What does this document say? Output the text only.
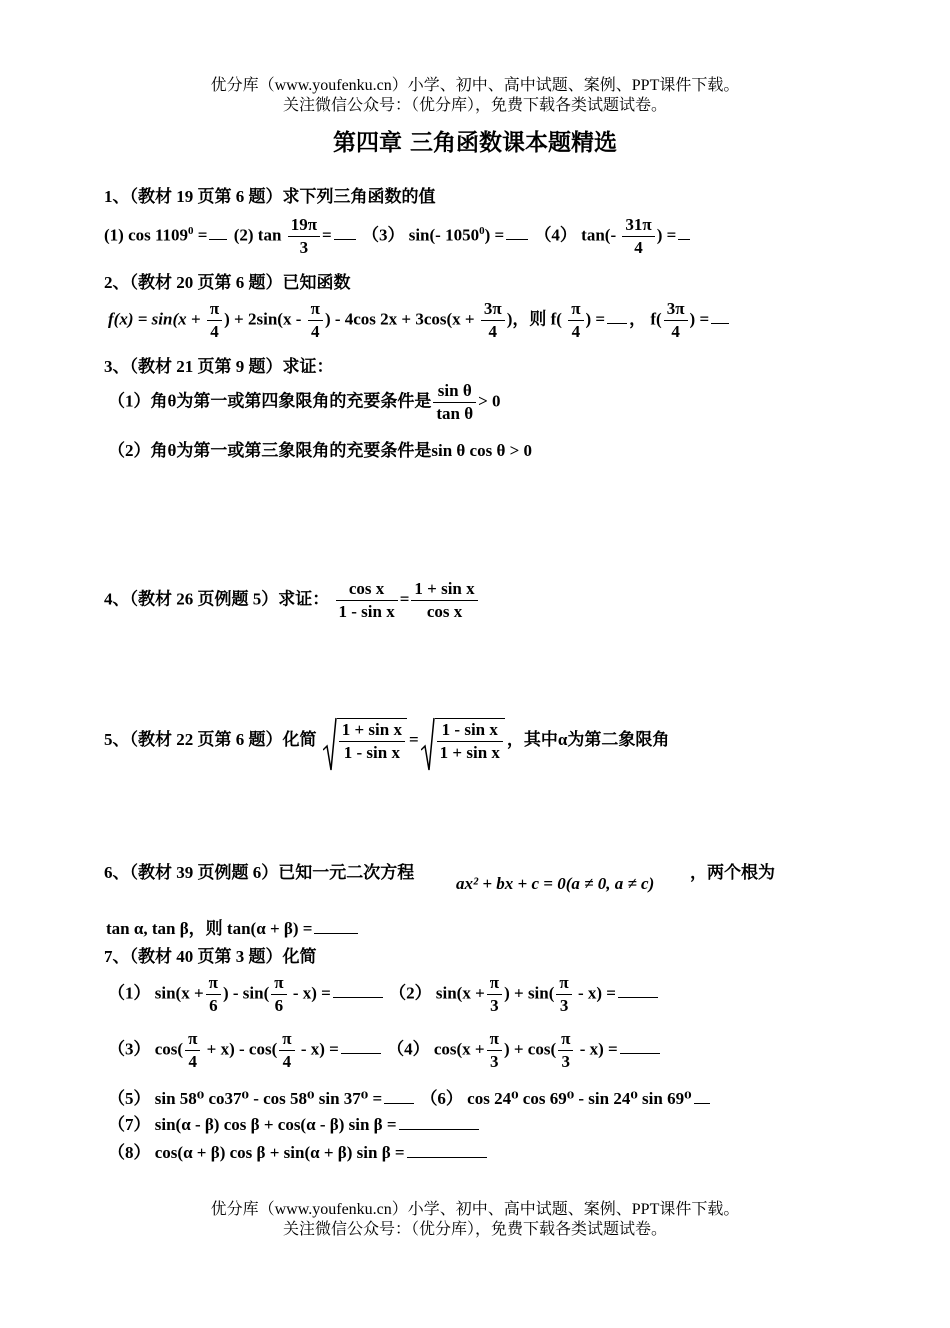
优分库（www.youfenku.cn）小学、初中、高中试题、案例、PPT课件下载。
关注微信公众号：（优分库），免费下载各类试题试卷。
第四章 三角函数课本题精选
1、（教材 19 页第 6 题）求下列三角函数的值
(1) $\cos 1109^0 = (2)$ $\tan \frac{19\pi}{3} = (3)$ sin(- $1050^0) = (4)$ $\tan(- \frac{31\pi}{4}$ ) =
2、（教材 20 页第 6 题）已知函数
$f(x) = \sin(x + \frac{\pi}{4}$ ) + $2\sin(x - \frac{\pi}{4}$ ) - 4cos $2x + 3\cos(x + \frac{3\pi}{4}$ )，则 $f( \frac{\pi}{4}$ ) = ， $f( \frac{3\pi}{4}$ ) =
3、（教材 21 页第 9 题）求证：
（1）角θ为第一或第四象限角的充要条件是 $\frac{\text{sin θ}}{\text{tan θ}} > 0$
（2）角θ为第一或第三象限角的充要条件是sin θ cos θ > 0
4、（教材 26 页例题 5）求证： $\frac{\text{cos x}}{\text{1 - sin x}} = \frac{\text{1 + sin x}}{\text{cos x}}$
5、（教材 22 页第 6 题）化简 $\frac{\text{1 + sin x}}{\text{1 - sin x}} = \frac{\text{1 - sin x}}{\text{1 + sin x}}$ ，其中α为第二象限角
6、（教材 39 页例题 6）已知一元二次方程
ax² + bx + c = 0(a ≠ 0, a ≠ c)
，两个根为
tan α, tan β，则 tan(α + β) =
7、（教材 40 页第 3 题）化简
（1） $\sin(x + \frac{\pi}{6}$ ) - $\sin( \frac{\pi}{6} - x)$ =	（2） $\sin(x + \frac{\pi}{3}$ ) + $\sin( \frac{\pi}{3} - x)$ =
（3） $\cos( \frac{\pi}{4} + x) - \cos( \frac{\pi}{4} - x)$ =	（4） $\cos(x + \frac{\pi}{3}$ ) + $\cos( \frac{\pi}{3} - x)$ =
（5） sin 58⁰ co37⁰ - cos 58⁰ sin 37⁰ = （6） cos 24⁰ cos 69⁰ - sin 24⁰ sin 69⁰
（7） sin(α - β) cos β + cos(α - β) sin β =
（8） cos(α + β) cos β + sin(α + β) sin β =
优分库（www.youfenku.cn）小学、初中、高中试题、案例、PPT课件下载。
关注微信公众号：（优分库），免费下载各类试题试卷。
